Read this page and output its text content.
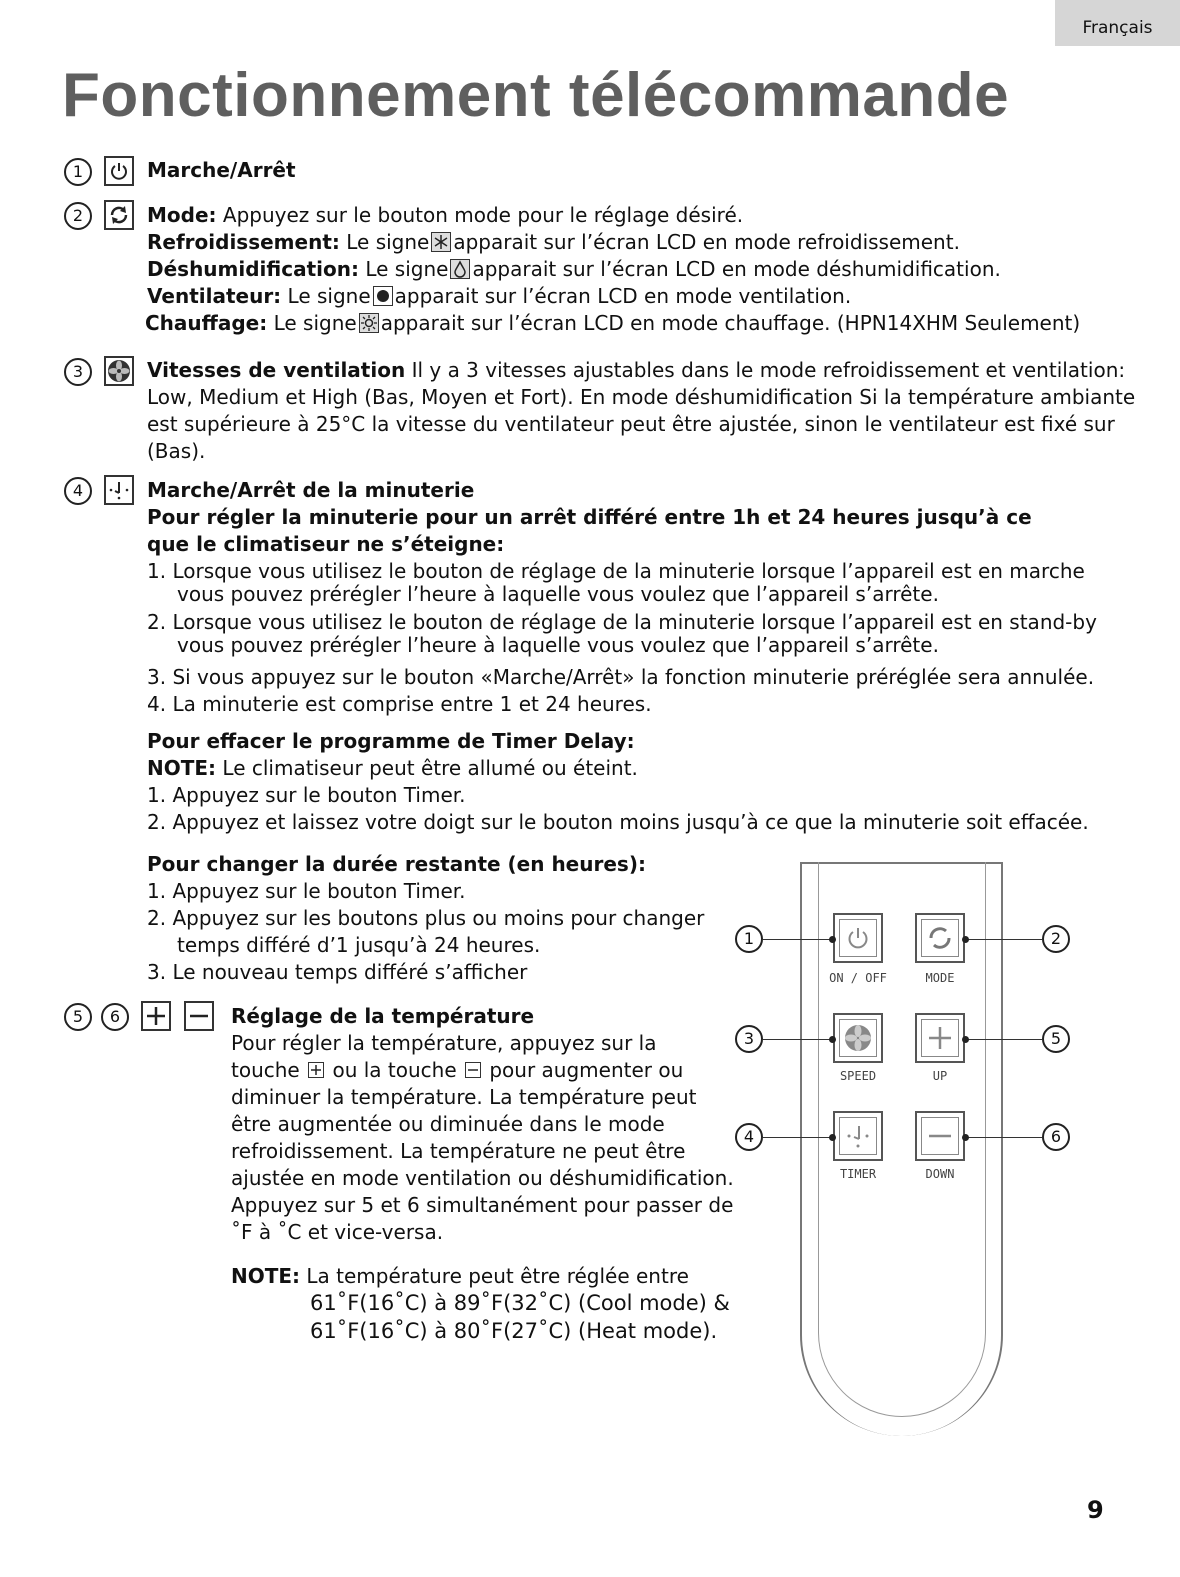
Français
Fonctionnement télécommande
1	Marche/Arrêt
2	Mode: Appuyez sur le bouton mode pour le réglage désiré.
Refroidissement: Le signe apparait sur l’écran LCD en mode refroidissement.
Déshumidification: Le signe apparait sur l’écran LCD en mode déshumidification.
Ventilateur: Le signe apparait sur l’écran LCD en mode ventilation.
Chauffage: Le signe apparait sur l’écran LCD en mode chauffage. (HPN14XHM Seulement)
3	Vitesses de ventilation Il y a 3 vitesses ajustables dans le mode refroidissement et ventilation:
Low, Medium et High (Bas, Moyen et Fort). En mode déshumidification Si la température ambiante
est supérieure à 25°C la vitesse du ventilateur peut être ajustée, sinon le ventilateur est fixé sur
(Bas).
4	Marche/Arrêt de la minuterie
Pour régler la minuterie pour un arrêt différé entre 1h et 24 heures jusqu’à ce
que le climatiseur ne s’éteigne:
1. Lorsque vous utilisez le bouton de réglage de la minuterie lorsque l’appareil est en marche
vous pouvez prérégler l’heure à laquelle vous voulez que l’appareil s’arrête.
2. Lorsque vous utilisez le bouton de réglage de la minuterie lorsque l’appareil est en stand-by
vous pouvez prérégler l’heure à laquelle vous voulez que l’appareil s’arrête.
3. Si vous appuyez sur le bouton «Marche/Arrêt» la fonction minuterie préréglée sera annulée.
4. La minuterie est comprise entre 1 et 24 heures.
Pour effacer le programme de Timer Delay:
NOTE: Le climatiseur peut être allumé ou éteint.
1. Appuyez sur le bouton Timer.
2. Appuyez et laissez votre doigt sur le bouton moins jusqu’à ce que la minuterie soit effacée.
Pour changer la durée restante (en heures):
1. Appuyez sur le bouton Timer.
2. Appuyez sur les boutons plus ou moins pour changer
temps différé d’1 jusqu’à 24 heures.
3. Le nouveau temps différé s’afficher
5	6	Réglage de la température
Pour régler la température, appuyez sur la
touche ou la touche pour augmenter ou
diminuer la température. La température peut
être augmentée ou diminuée dans le mode
refroidissement. La température ne peut être
ajustée en mode ventilation ou déshumidification.
Appuyez sur 5 et 6 simultanément pour passer de
˚F à ˚C et vice-versa.
NOTE: La température peut être réglée entre
61˚F(16˚C) à 89˚F(32˚C) (Cool mode) &
61˚F(16˚C) à 80˚F(27˚C) (Heat mode).
ON / OFF	MODE
SPEED	UP
TIMER	DOWN
1
3
4
2
5
6
9
